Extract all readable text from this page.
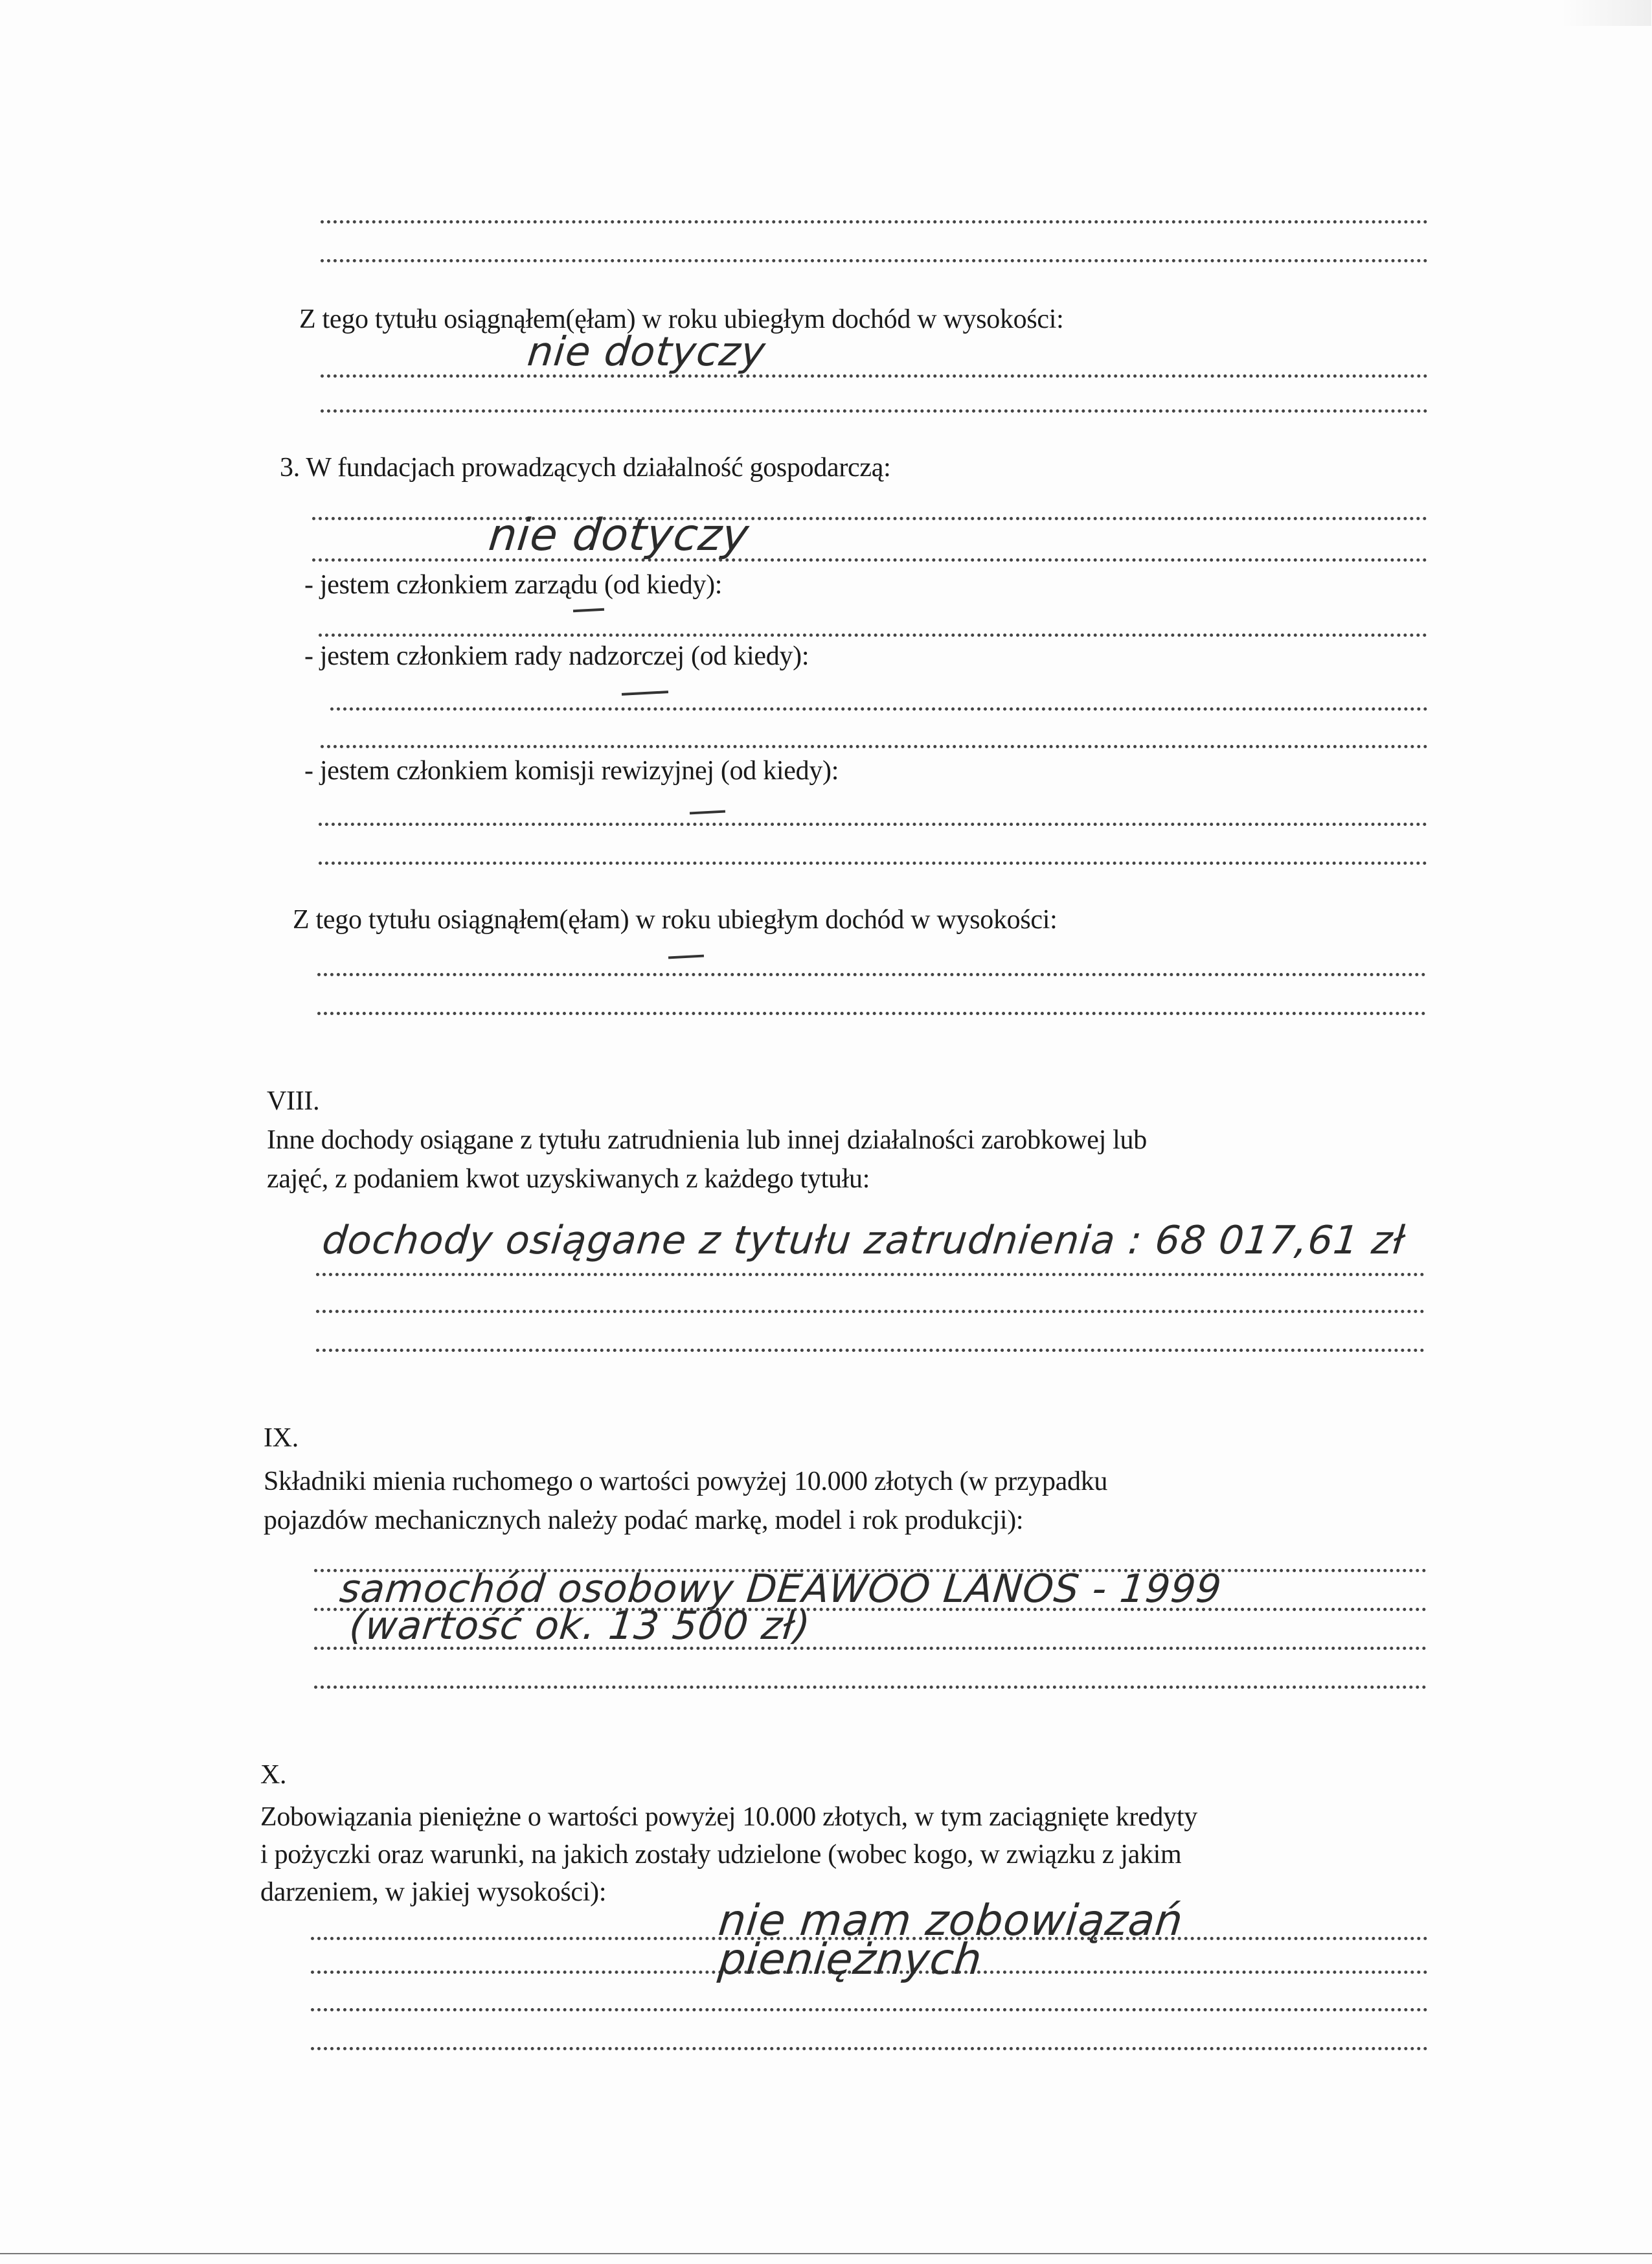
Z tego tytułu osiągnąłem(ęłam) w roku ubiegłym dochód w wysokości:
nie dotyczy
3. W fundacjach prowadzących działalność gospodarczą:
nie dotyczy
- jestem członkiem zarządu (od kiedy):
- jestem członkiem rady nadzorczej (od kiedy):
- jestem członkiem komisji rewizyjnej (od kiedy):
Z tego tytułu osiągnąłem(ęłam) w roku ubiegłym dochód w wysokości:
VIII.
Inne dochody osiągane z tytułu zatrudnienia lub innej działalności zarobkowej lub
zajęć, z podaniem kwot uzyskiwanych z każdego tytułu:
dochody osiągane z tytułu zatrudnienia : 68 017,61 zł
IX.
Składniki mienia ruchomego o wartości powyżej 10.000 złotych (w przypadku
pojazdów mechanicznych należy podać markę, model i rok produkcji):
samochód osobowy DEAWOO LANOS - 1999
(wartość ok. 13 500 zł)
X.
Zobowiązania pieniężne o wartości powyżej 10.000 złotych, w tym zaciągnięte kredyty
i pożyczki oraz warunki, na jakich zostały udzielone (wobec kogo, w związku z jakim
darzeniem, w jakiej wysokości):
nie mam zobowiązań
pieniężnych
